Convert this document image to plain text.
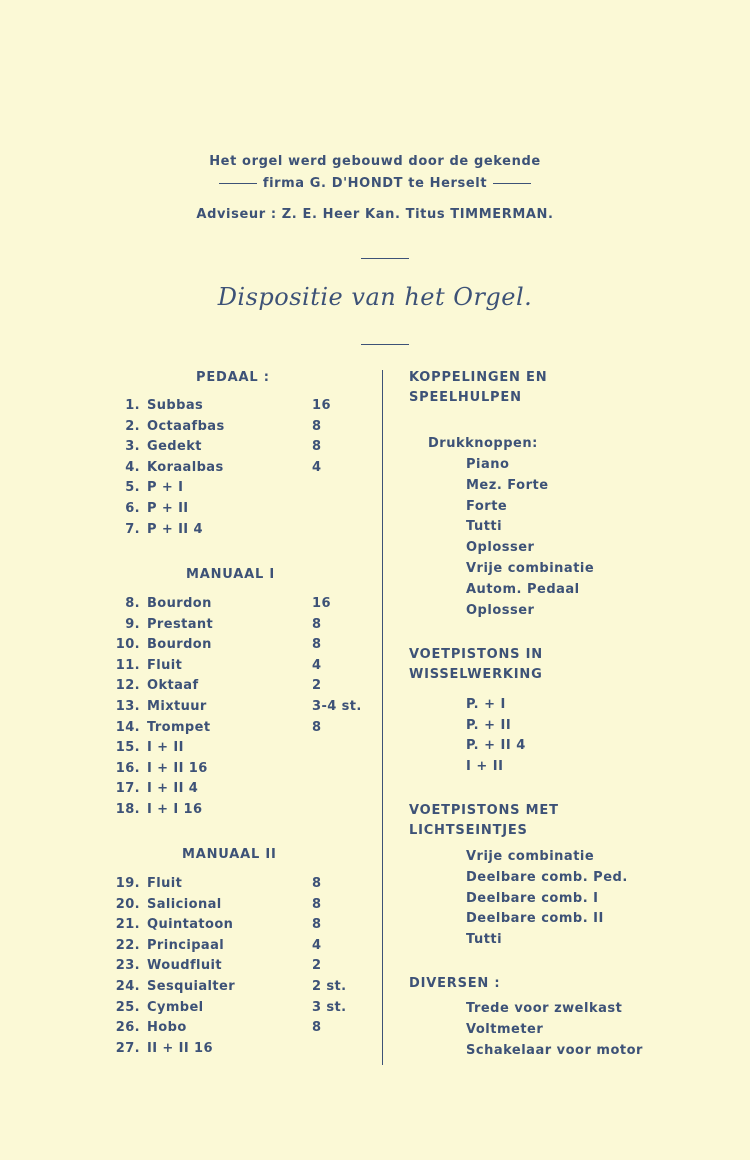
Het orgel werd gebouwd door de gekende
firma G. D'HONDT te Herselt
Adviseur : Z. E. Heer Kan. Titus TIMMERMAN.
Dispositie van het Orgel.
PEDAAL :
1. Subbas	16
2. Octaafbas	8
3. Gedekt	8
4. Koraalbas	4
5. P + I
6. P + II
7. P + II 4
MANUAAL I
8. Bourdon	16
9. Prestant	8
10. Bourdon	8
11. Fluit	4
12. Oktaaf	2
13. Mixtuur	3-4 st.
14. Trompet	8
15. I + II
16. I + II 16
17. I + II 4
18. I + I 16
MANUAAL II
19. Fluit	8
20. Salicional	8
21. Quintatoon	8
22. Principaal	4
23. Woudfluit	2
24. Sesquialter	2 st.
25. Cymbel	3 st.
26. Hobo	8
27. II + II 16
KOPPELINGEN EN
SPEELHULPEN
Drukknoppen:
Piano
Mez. Forte
Forte
Tutti
Oplosser
Vrije combinatie
Autom. Pedaal
Oplosser
VOETPISTONS IN
WISSELWERKING
P. + I
P. + II
P. + II 4
I + II
VOETPISTONS MET
LICHTSEINTJES
Vrije combinatie
Deelbare comb. Ped.
Deelbare comb. I
Deelbare comb. II
Tutti
DIVERSEN :
Trede voor zwelkast
Voltmeter
Schakelaar voor motor
